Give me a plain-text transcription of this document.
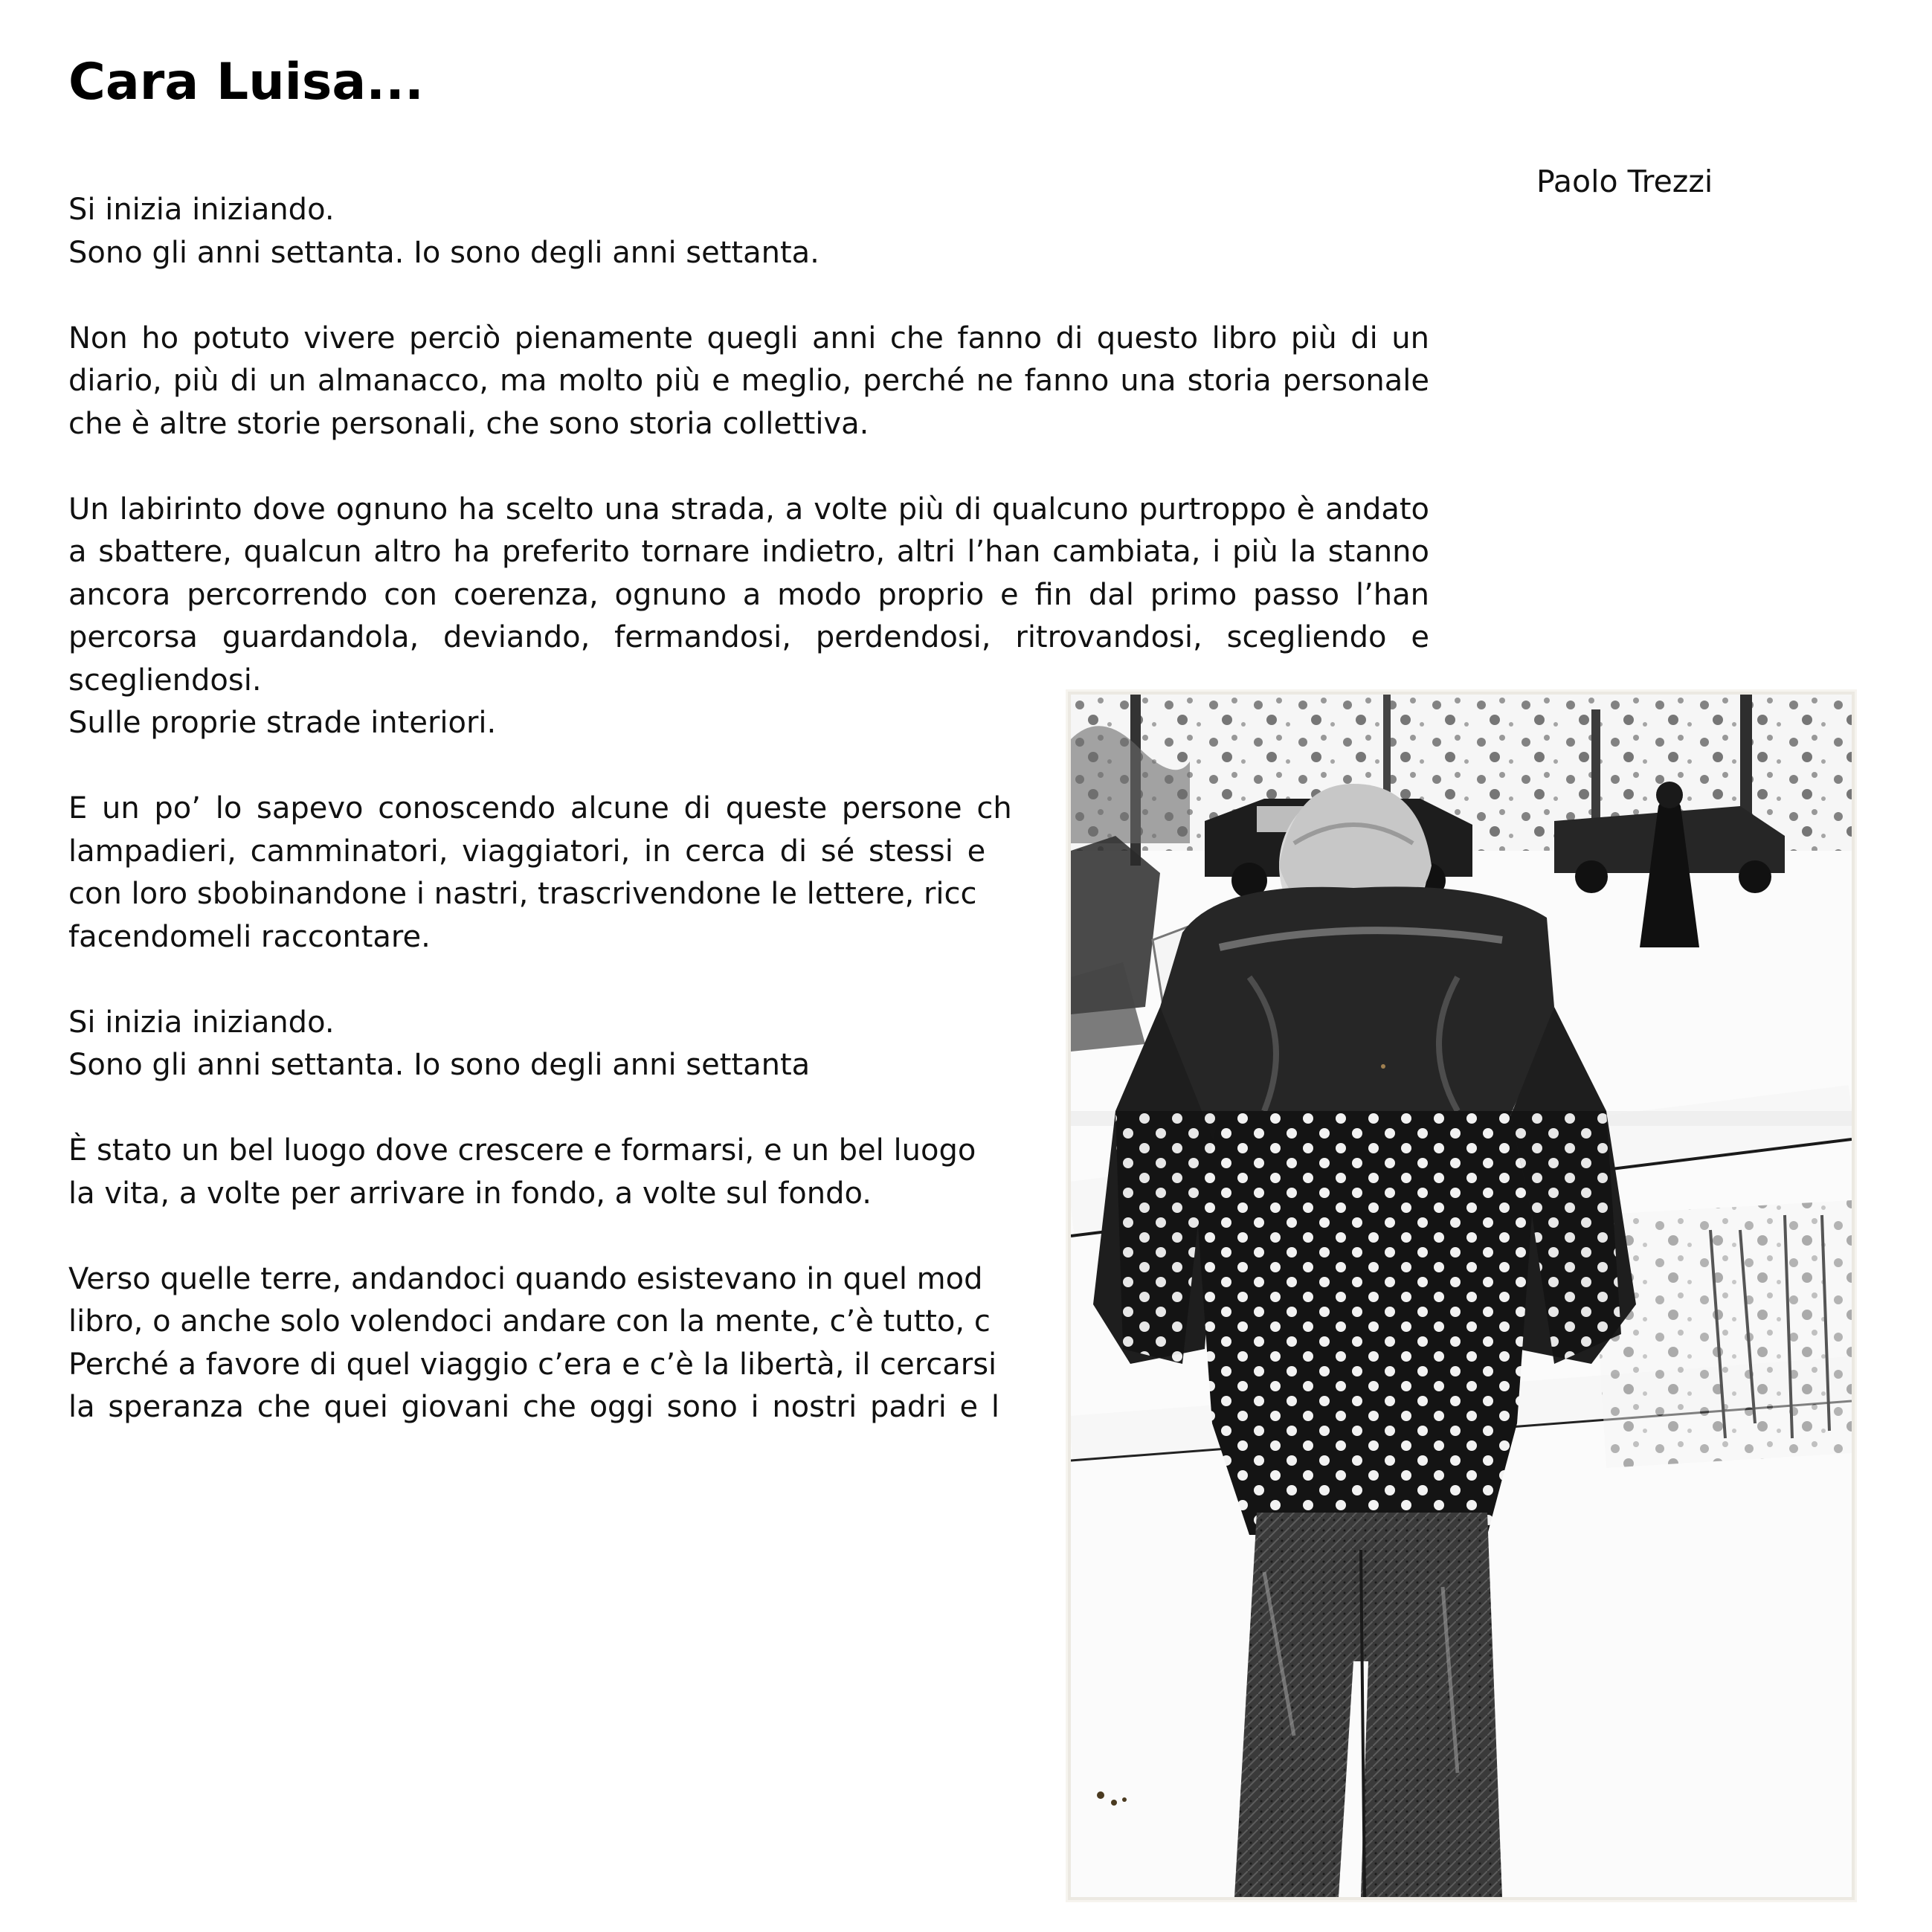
Cara Luisa...
Paolo Trezzi

Si inizia iniziando.
Sono gli anni settanta. Io sono degli anni settanta.

Non ho potuto vivere perciò pienamente quegli anni che fanno di questo libro più di un diario, più di un almanacco, ma molto più e meglio, perché ne fanno una storia personale che è altre storie personali, che sono storia collettiva.

Un labirinto dove ognuno ha scelto una strada, a volte più di qualcuno purtroppo è andato a sbattere, qualcun altro ha preferito tornare indietro, altri l’han cambiata, i più la stanno ancora percorrendo con coerenza, ognuno a modo proprio e fin dal primo passo l’han percorsa guardandola, deviando, fermandosi, perdendosi, ritrovandosi, scegliendo e scegliendosi.
Sulle proprie strade interiori.

E un po’ lo sapevo conoscendo alcune di queste persone ch
lampadieri, camminatori, viaggiatori, in cerca di sé stessi e
con loro sbobinandone i nastri, trascrivendone le lettere, ricc
facendomeli raccontare.

Si inizia iniziando.
Sono gli anni settanta. Io sono degli anni settanta

È stato un bel luogo dove crescere e formarsi, e un bel luogo
la vita, a volte per arrivare in fondo, a volte sul fondo.

Verso quelle terre, andandoci quando esistevano in quel mod
libro, o anche solo volendoci andare con la mente, c’è tutto, c
Perché a favore di quel viaggio c’era e c’è la libertà, il cercarsi
la speranza che quei giovani che oggi sono i nostri padri e l
